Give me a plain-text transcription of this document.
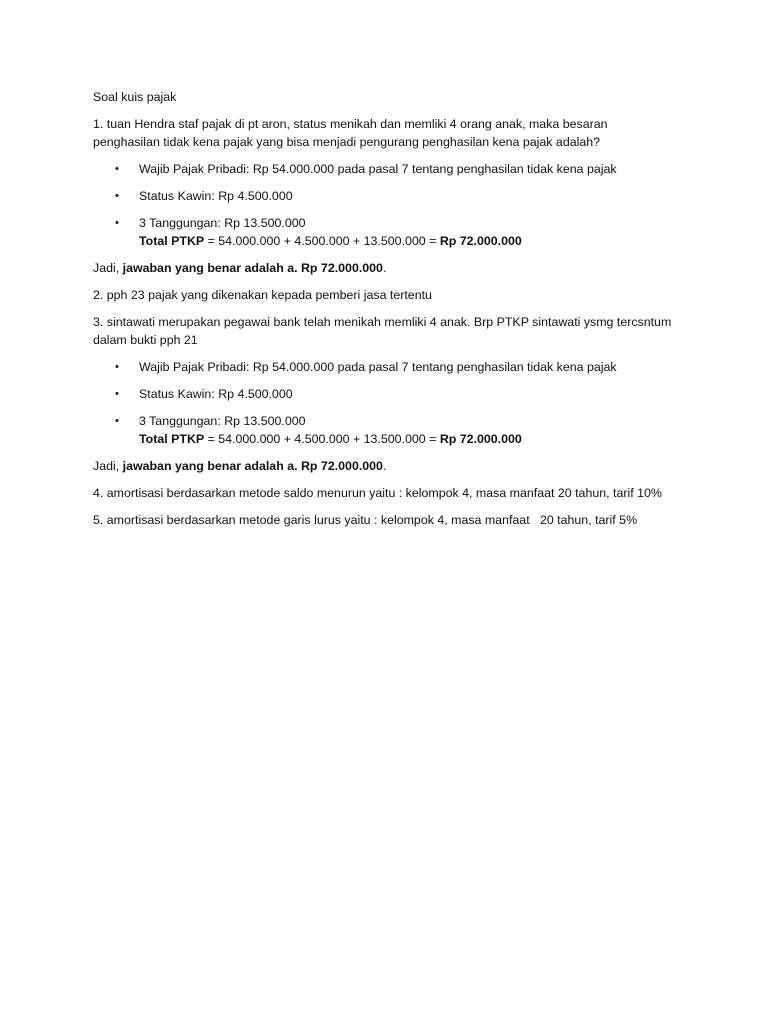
Soal kuis pajak

1. tuan Hendra staf pajak di pt aron, status menikah dan memliki 4 orang anak, maka besaran penghasilan tidak kena pajak yang bisa menjadi pengurang penghasilan kena pajak adalah?

• Wajib Pajak Pribadi: Rp 54.000.000 pada pasal 7 tentang penghasilan tidak kena pajak
• Status Kawin: Rp 4.500.000
• 3 Tanggungan: Rp 13.500.000
Total PTKP = 54.000.000 + 4.500.000 + 13.500.000 = Rp 72.000.000

Jadi, jawaban yang benar adalah a. Rp 72.000.000.

2. pph 23 pajak yang dikenakan kepada pemberi jasa tertentu

3. sintawati merupakan pegawai bank telah menikah memliki 4 anak. Brp PTKP sintawati ysmg tercsntum dalam bukti pph 21

• Wajib Pajak Pribadi: Rp 54.000.000 pada pasal 7 tentang penghasilan tidak kena pajak
• Status Kawin: Rp 4.500.000
• 3 Tanggungan: Rp 13.500.000
Total PTKP = 54.000.000 + 4.500.000 + 13.500.000 = Rp 72.000.000

Jadi, jawaban yang benar adalah a. Rp 72.000.000.

4. amortisasi berdasarkan metode saldo menurun yaitu : kelompok 4, masa manfaat 20 tahun, tarif 10%

5. amortisasi berdasarkan metode garis lurus yaitu : kelompok 4, masa manfaat   20 tahun, tarif 5%
